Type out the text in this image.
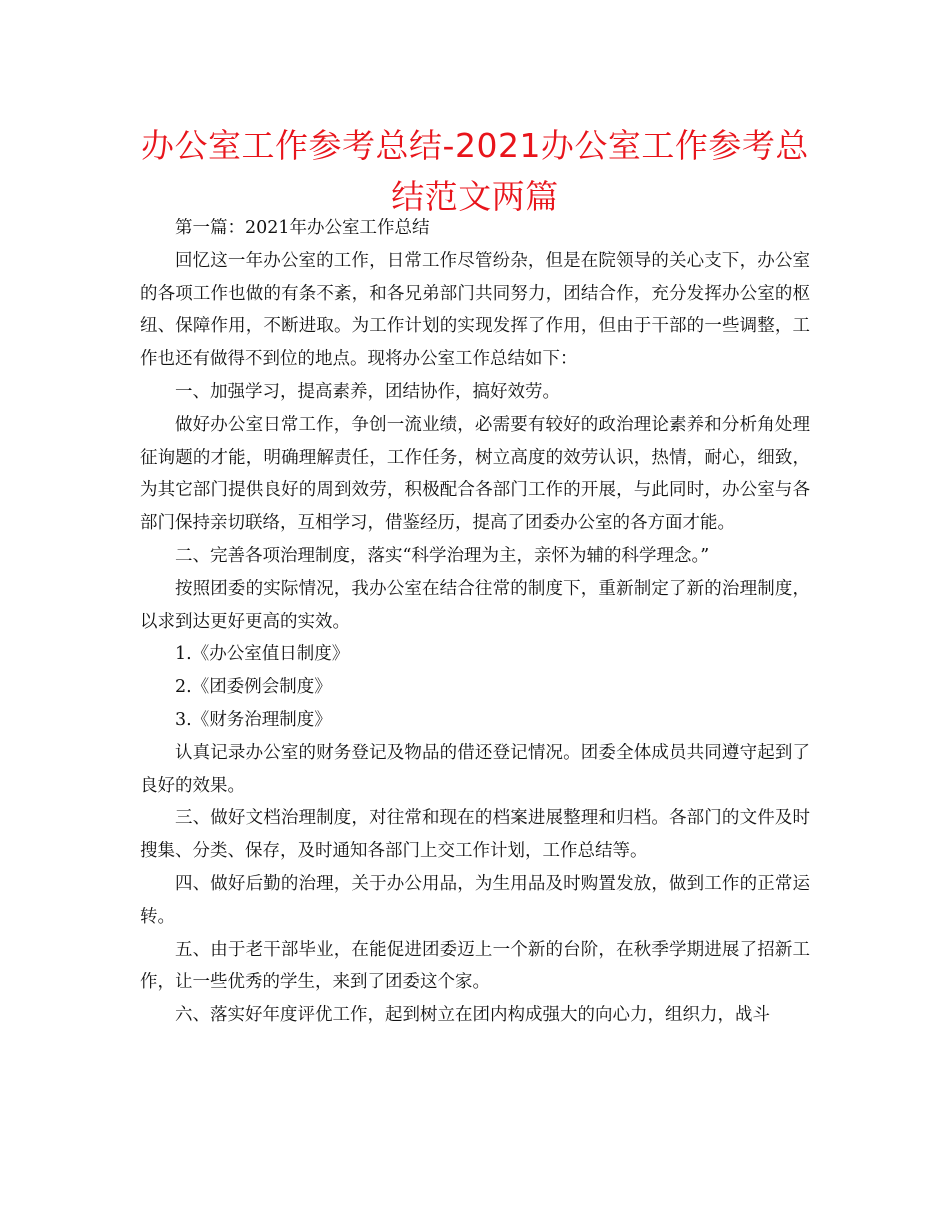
办公室工作参考总结-2021办公室工作参考总结范文两篇

第一篇：2021年办公室工作总结

回忆这一年办公室的工作，日常工作尽管纷杂，但是在院领导的关心支下，办公室的各项工作也做的有条不紊，和各兄弟部门共同努力，团结合作，充分发挥办公室的枢纽、保障作用，不断进取。为工作计划的实现发挥了作用，但由于干部的一些调整，工作也还有做得不到位的地点。现将办公室工作总结如下：

一、加强学习，提高素养，团结协作，搞好效劳。

做好办公室日常工作，争创一流业绩，必需要有较好的政治理论素养和分析角处理征询题的才能，明确理解责任，工作任务，树立高度的效劳认识，热情，耐心，细致，为其它部门提供良好的周到效劳，积极配合各部门工作的开展，与此同时，办公室与各部门保持亲切联络，互相学习，借鉴经历，提高了团委办公室的各方面才能。

二、完善各项治理制度，落实“科学治理为主，亲怀为辅的科学理念。”

按照团委的实际情况，我办公室在结合往常的制度下，重新制定了新的治理制度，以求到达更好更高的实效。

1.《办公室值日制度》

2.《团委例会制度》

3.《财务治理制度》

认真记录办公室的财务登记及物品的借还登记情况。团委全体成员共同遵守起到了良好的效果。

三、做好文档治理制度，对往常和现在的档案进展整理和归档。各部门的文件及时搜集、分类、保存，及时通知各部门上交工作计划，工作总结等。

四、做好后勤的治理，关于办公用品，为生用品及时购置发放，做到工作的正常运转。

五、由于老干部毕业，在能促进团委迈上一个新的台阶，在秋季学期进展了招新工作，让一些优秀的学生，来到了团委这个家。

六、落实好年度评优工作，起到树立在团内构成强大的向心力，组织力，战斗
